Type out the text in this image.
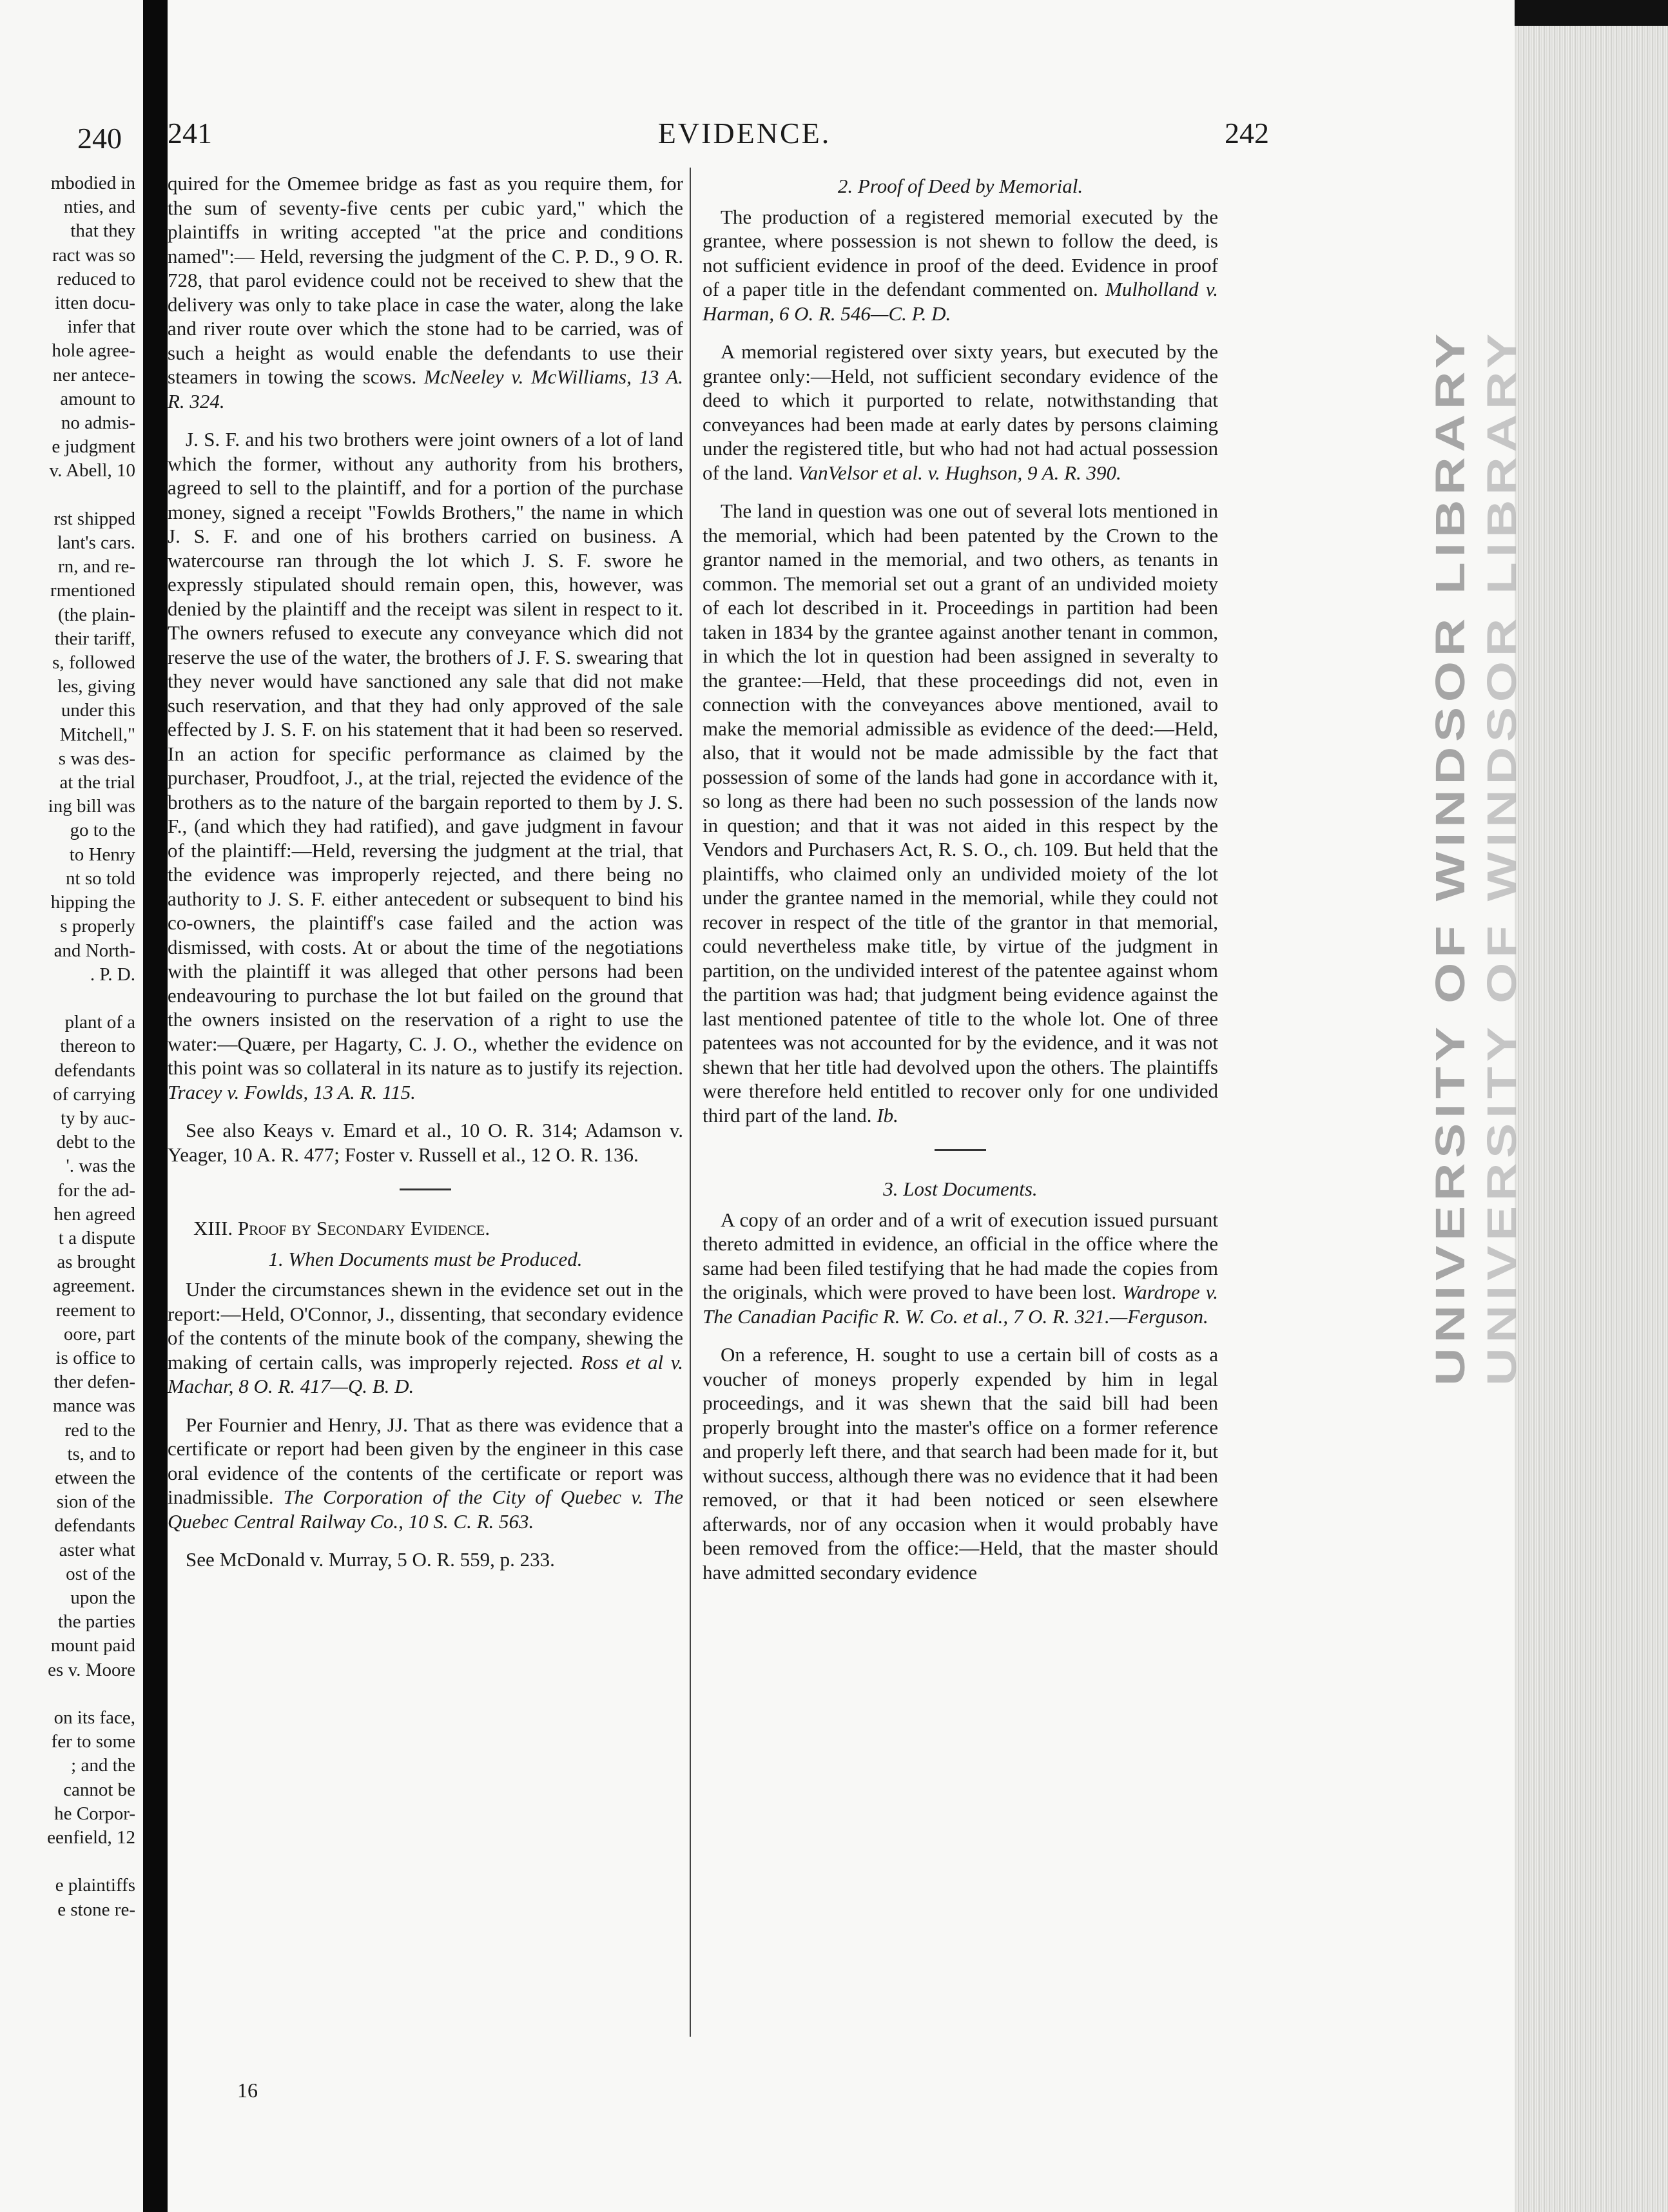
240
mbodied in
nties, and
that they
ract was so
reduced to
itten docu-
infer that
hole agree-
ner antece-
amount to
no admis-
e judgment
v. Abell, 10

rst shipped
lant's cars.
rn, and re-
rmentioned
(the plain-
their tariff,
s, followed
les, giving
under this
Mitchell,"
s was des-
at the trial
ing bill was
go to the
to Henry
nt so told
hipping the
s properly
and North-
. P. D.

plant of a
thereon to
defendants
of carrying
ty by auc-
debt to the
'. was the
for the ad-
hen agreed
t a dispute
as brought
agreement.
reement to
oore, part
is office to
ther defen-
mance was
red to the
ts, and to
etween the
sion of the
defendants
aster what
ost of the
upon the
the parties
mount paid
es v. Moore

on its face,
fer to some
; and the
cannot be
he Corpor-
eenfield, 12

e plaintiffs
e stone re-
241	EVIDENCE.	242

quired for the Omemee bridge as fast as you require them, for the sum of seventy-five cents per cubic yard," which the plaintiffs in writing accepted "at the price and conditions named":— Held, reversing the judgment of the C. P. D., 9 O. R. 728, that parol evidence could not be received to shew that the delivery was only to take place in case the water, along the lake and river route over which the stone had to be carried, was of such a height as would enable the defendants to use their steamers in towing the scows. McNeeley v. McWilliams, 13 A. R. 324.

J. S. F. and his two brothers were joint owners of a lot of land which the former, without any authority from his brothers, agreed to sell to the plaintiff, and for a portion of the purchase money, signed a receipt "Fowlds Brothers," the name in which J. S. F. and one of his brothers carried on business. A watercourse ran through the lot which J. S. F. swore he expressly stipulated should remain open, this, however, was denied by the plaintiff and the receipt was silent in respect to it. The owners refused to execute any conveyance which did not reserve the use of the water, the brothers of J. F. S. swearing that they never would have sanctioned any sale that did not make such reservation, and that they had only approved of the sale effected by J. S. F. on his statement that it had been so reserved. In an action for specific performance as claimed by the purchaser, Proudfoot, J., at the trial, rejected the evidence of the brothers as to the nature of the bargain reported to them by J. S. F., (and which they had ratified), and gave judgment in favour of the plaintiff:—Held, reversing the judgment at the trial, that the evidence was improperly rejected, and there being no authority to J. S. F. either antecedent or subsequent to bind his co-owners, the plaintiff's case failed and the action was dismissed, with costs. At or about the time of the negotiations with the plaintiff it was alleged that other persons had been endeavouring to purchase the lot but failed on the ground that the owners insisted on the reservation of a right to use the water:—Quære, per Hagarty, C. J. O., whether the evidence on this point was so collateral in its nature as to justify its rejection. Tracey v. Fowlds, 13 A. R. 115.

See also Keays v. Emard et al., 10 O. R. 314; Adamson v. Yeager, 10 A. R. 477; Foster v. Russell et al., 12 O. R. 136.

XIII. Proof by Secondary Evidence.
1. When Documents must be Produced.

Under the circumstances shewn in the evidence set out in the report:—Held, O'Connor, J., dissenting, that secondary evidence of the contents of the minute book of the company, shewing the making of certain calls, was improperly rejected. Ross et al v. Machar, 8 O. R. 417—Q. B. D.

Per Fournier and Henry, JJ. That as there was evidence that a certificate or report had been given by the engineer in this case oral evidence of the contents of the certificate or report was inadmissible. The Corporation of the City of Quebec v. The Quebec Central Railway Co., 10 S. C. R. 563.

See McDonald v. Murray, 5 O. R. 559, p. 233.

2. Proof of Deed by Memorial.

The production of a registered memorial executed by the grantee, where possession is not shewn to follow the deed, is not sufficient evidence in proof of the deed. Evidence in proof of a paper title in the defendant commented on. Mulholland v. Harman, 6 O. R. 546—C. P. D.

A memorial registered over sixty years, but executed by the grantee only:—Held, not sufficient secondary evidence of the deed to which it purported to relate, notwithstanding that conveyances had been made at early dates by persons claiming under the registered title, but who had not had actual possession of the land. VanVelsor et al. v. Hughson, 9 A. R. 390.

The land in question was one out of several lots mentioned in the memorial, which had been patented by the Crown to the grantor named in the memorial, and two others, as tenants in common. The memorial set out a grant of an undivided moiety of each lot described in it. Proceedings in partition had been taken in 1834 by the grantee against another tenant in common, in which the lot in question had been assigned in severalty to the grantee:—Held, that these proceedings did not, even in connection with the conveyances above mentioned, avail to make the memorial admissible as evidence of the deed:—Held, also, that it would not be made admissible by the fact that possession of some of the lands had gone in accordance with it, so long as there had been no such possession of the lands now in question; and that it was not aided in this respect by the Vendors and Purchasers Act, R. S. O., ch. 109. But held that the plaintiffs, who claimed only an undivided moiety of the lot under the grantee named in the memorial, while they could not recover in respect of the title of the grantor in that memorial, could nevertheless make title, by virtue of the judgment in partition, on the undivided interest of the patentee against whom the partition was had; that judgment being evidence against the last mentioned patentee of title to the whole lot. One of three patentees was not accounted for by the evidence, and it was not shewn that her title had devolved upon the others. The plaintiffs were therefore held entitled to recover only for one undivided third part of the land. Ib.

3. Lost Documents.

A copy of an order and of a writ of execution issued pursuant thereto admitted in evidence, an official in the office where the same had been filed testifying that he had made the copies from the originals, which were proved to have been lost. Wardrope v. The Canadian Pacific R. W. Co. et al., 7 O. R. 321.—Ferguson.

On a reference, H. sought to use a certain bill of costs as a voucher of moneys properly expended by him in legal proceedings, and it was shewn that the said bill had been properly brought into the master's office on a former reference and properly left there, and that search had been made for it, but without success, although there was no evidence that it had been removed, or that it had been noticed or seen elsewhere afterwards, nor of any occasion when it would probably have been removed from the office:—Held, that the master should have admitted secondary evidence

16
UNIVERSITY OF WINDSOR LIBRARY UNIVERSITY OF WINDSOR LIBRARY
